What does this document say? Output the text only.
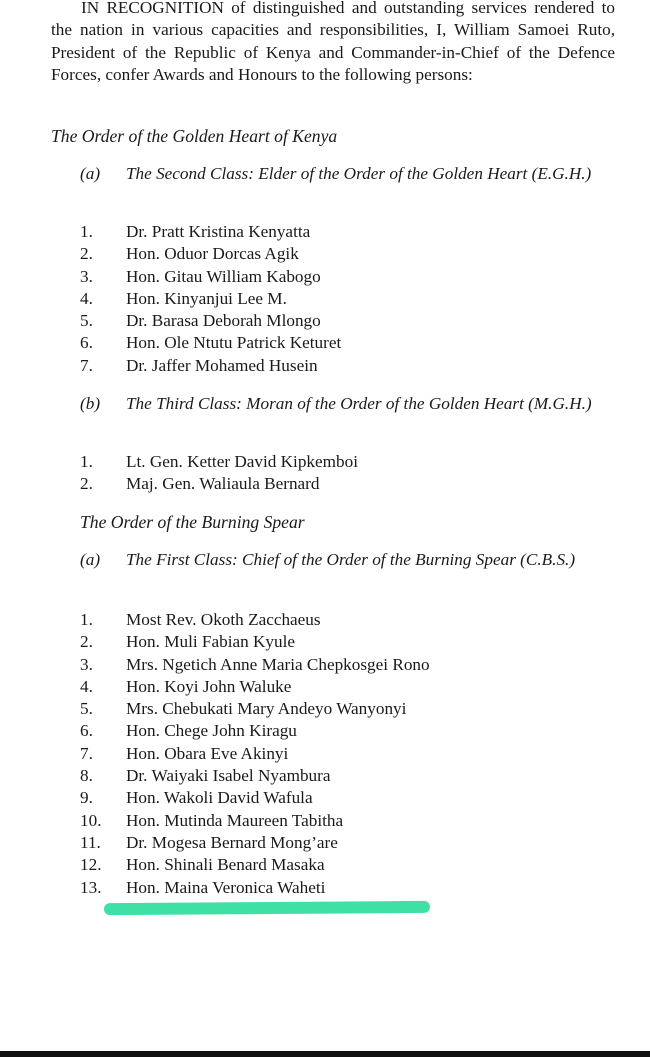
IN RECOGNITION of distinguished and outstanding services rendered to the nation in various capacities and responsibilities, I, William Samoei Ruto, President of the Republic of Kenya and Commander-in-Chief of the Defence Forces, confer Awards and Honours to the following persons:
The Order of the Golden Heart of Kenya
(a) The Second Class: Elder of the Order of the Golden Heart (E.G.H.)
1. Dr. Pratt Kristina Kenyatta
2. Hon. Oduor Dorcas Agik
3. Hon. Gitau William Kabogo
4. Hon. Kinyanjui Lee M.
5. Dr. Barasa Deborah Mlongo
6. Hon. Ole Ntutu Patrick Keturet
7. Dr. Jaffer Mohamed Husein
(b) The Third Class: Moran of the Order of the Golden Heart (M.G.H.)
1. Lt. Gen. Ketter David Kipkemboi
2. Maj. Gen. Waliaula Bernard
The Order of the Burning Spear
(a) The First Class: Chief of the Order of the Burning Spear (C.B.S.)
1. Most Rev. Okoth Zacchaeus
2. Hon. Muli Fabian Kyule
3. Mrs. Ngetich Anne Maria Chepkosgei Rono
4. Hon. Koyi John Waluke
5. Mrs. Chebukati Mary Andeyo Wanyonyi
6. Hon. Chege John Kiragu
7. Hon. Obara Eve Akinyi
8. Dr. Waiyaki Isabel Nyambura
9. Hon. Wakoli David Wafula
10. Hon. Mutinda Maureen Tabitha
11. Dr. Mogesa Bernard Mong’are
12. Hon. Shinali Benard Masaka
13. Hon. Maina Veronica Waheti
